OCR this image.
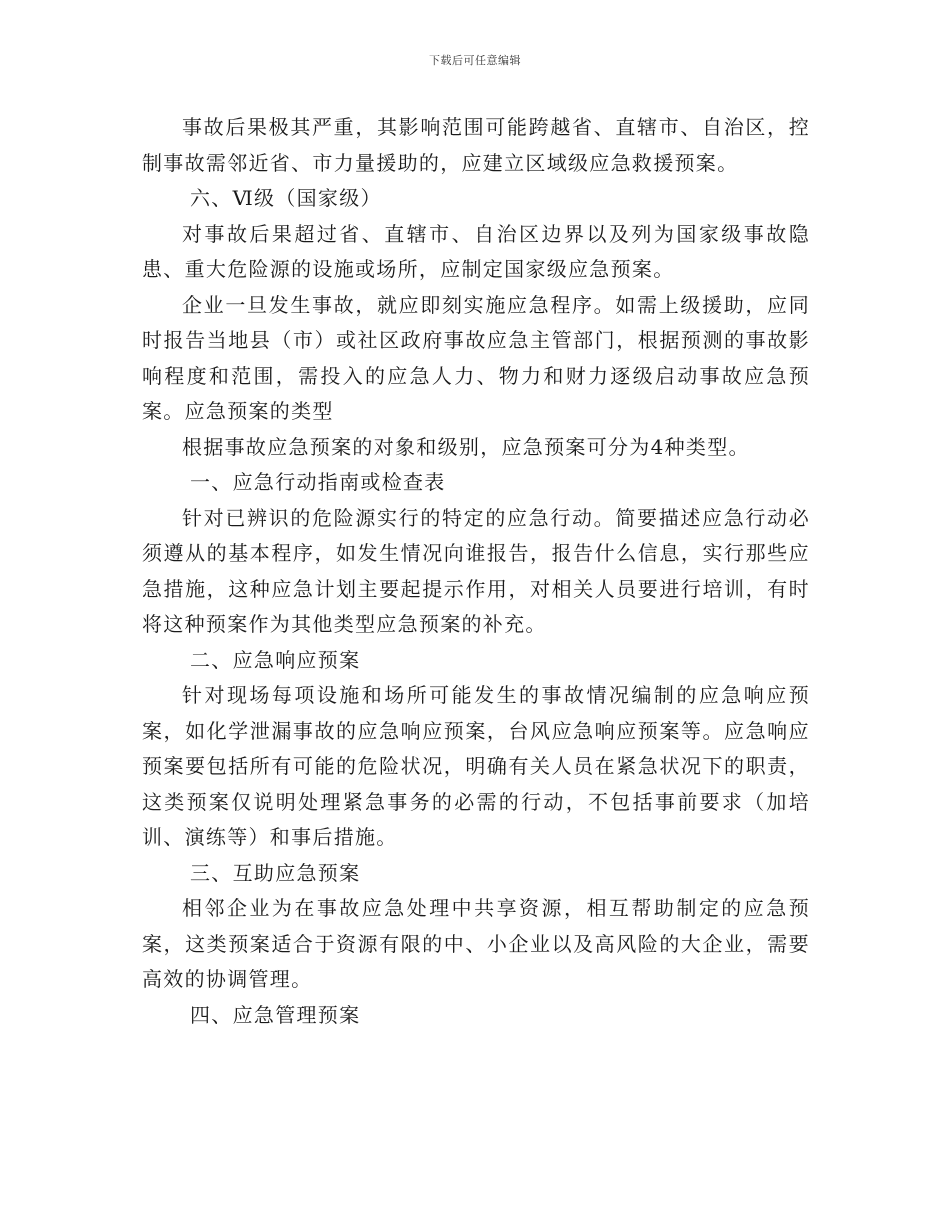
下载后可任意编辑

事故后果极其严重，其影响范围可能跨越省、直辖市、自治区，控制事故需邻近省、市力量援助的，应建立区域级应急救援预案。

六、Ⅵ级（国家级）

对事故后果超过省、直辖市、自治区边界以及列为国家级事故隐患、重大危险源的设施或场所，应制定国家级应急预案。

企业一旦发生事故，就应即刻实施应急程序。如需上级援助，应同时报告当地县（市）或社区政府事故应急主管部门，根据预测的事故影响程度和范围，需投入的应急人力、物力和财力逐级启动事故应急预案。应急预案的类型

根据事故应急预案的对象和级别，应急预案可分为4种类型。

一、应急行动指南或检查表

针对已辨识的危险源实行的特定的应急行动。简要描述应急行动必须遵从的基本程序，如发生情况向谁报告，报告什么信息，实行那些应急措施，这种应急计划主要起提示作用，对相关人员要进行培训，有时将这种预案作为其他类型应急预案的补充。

二、应急响应预案

针对现场每项设施和场所可能发生的事故情况编制的应急响应预案，如化学泄漏事故的应急响应预案，台风应急响应预案等。应急响应预案要包括所有可能的危险状况，明确有关人员在紧急状况下的职责，这类预案仅说明处理紧急事务的必需的行动，不包括事前要求（加培训、演练等）和事后措施。

三、互助应急预案

相邻企业为在事故应急处理中共享资源，相互帮助制定的应急预案，这类预案适合于资源有限的中、小企业以及高风险的大企业，需要高效的协调管理。

四、应急管理预案
